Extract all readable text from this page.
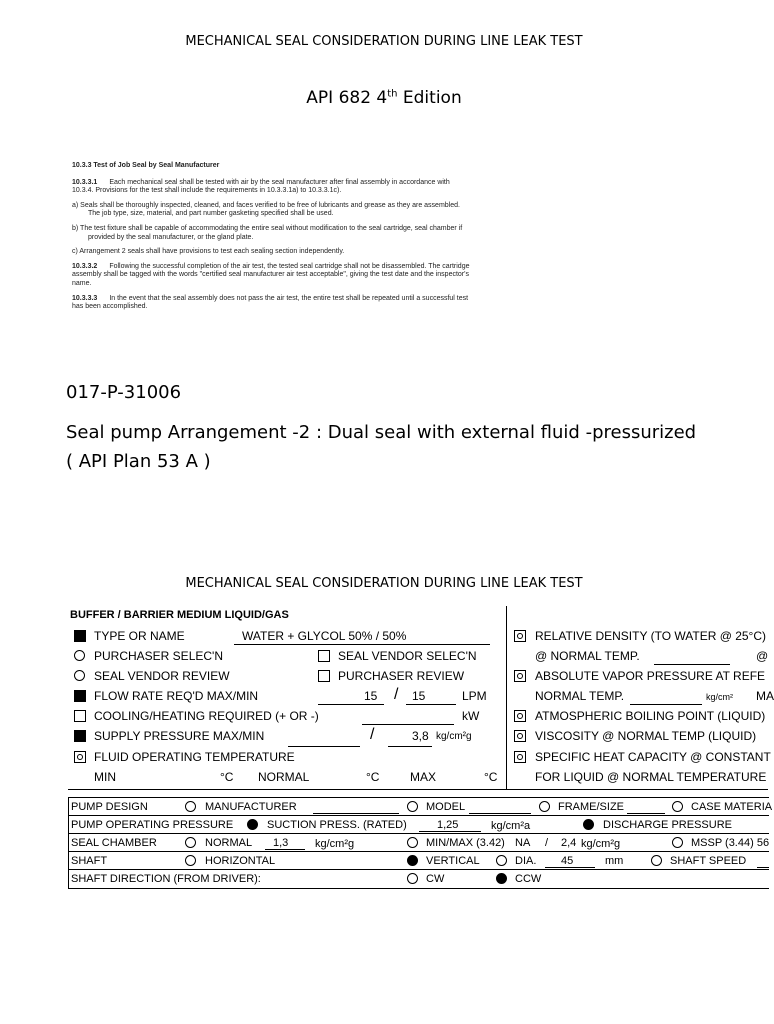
MECHANICAL SEAL CONSIDERATION DURING LINE LEAK TEST
API 682 4th Edition
10.3.3 Test of Job Seal by Seal Manufacturer

10.3.3.1 Each mechanical seal shall be tested with air by the seal manufacturer after final assembly in accordance with 10.3.4. Provisions for the test shall include the requirements in 10.3.3.1a) to 10.3.3.1c).

a) Seals shall be thoroughly inspected, cleaned, and faces verified to be free of lubricants and grease as they are assembled. The job type, size, material, and part number gasketing specified shall be used.

b) The test fixture shall be capable of accommodating the entire seal without modification to the seal cartridge, seal chamber if provided by the seal manufacturer, or the gland plate.

c) Arrangement 2 seals shall have provisions to test each sealing section independently.

10.3.3.2 Following the successful completion of the air test, the tested seal cartridge shall not be disassembled. The cartridge assembly shall be tagged with the words "certified seal manufacturer air test acceptable", giving the test date and the inspector's name.

10.3.3.3 In the event that the seal assembly does not pass the air test, the entire test shall be repeated until a successful test has been accomplished.

017-P-31006
Seal pump Arrangement -2 : Dual seal with external fluid -pressurized
( API Plan 53 A )
MECHANICAL SEAL CONSIDERATION DURING LINE LEAK TEST
BUFFER / BARRIER MEDIUM LIQUID/GAS
TYPE OR NAME	WATER + GLYCOL 50% / 50%
PURCHASER SELEC'N	SEAL VENDOR SELEC'N
SEAL VENDOR REVIEW	PURCHASER REVIEW
FLOW RATE REQ'D MAX/MIN	15 / 15	LPM
COOLING/HEATING REQUIRED (+ OR -)	kW
SUPPLY PRESSURE MAX/MIN	/	3,8 kg/cm²g
FLUID OPERATING TEMPERATURE
MIN	°C NORMAL	°C	MAX	°C
RELATIVE DENSITY (TO WATER @ 25°C)
@ NORMAL TEMP.	@
ABSOLUTE VAPOR PRESSURE AT REFE
NORMAL TEMP.	kg/cm² MA
ATMOSPHERIC BOILING POINT (LIQUID)
VISCOSITY @ NORMAL TEMP (LIQUID)
SPECIFIC HEAT CAPACITY @ CONSTANT
FOR LIQUID @ NORMAL TEMPERATURE
PUMP DESIGN	MANUFACTURER	MODEL	FRAME/SIZE	CASE MATERIA
PUMP OPERATING PRESSURE	SUCTION PRESS. (RATED)	1,25	kg/cm²a	DISCHARGE PRESSURE
SEAL CHAMBER	NORMAL 1,3 kg/cm²g	MIN/MAX (3.42) NA / 2,4 kg/cm²g	MSSP (3.44) 56
SHAFT	HORIZONTAL	VERTICAL	DIA. 45	mm	SHAFT SPEED
SHAFT DIRECTION (FROM DRIVER):	CW	CCW
